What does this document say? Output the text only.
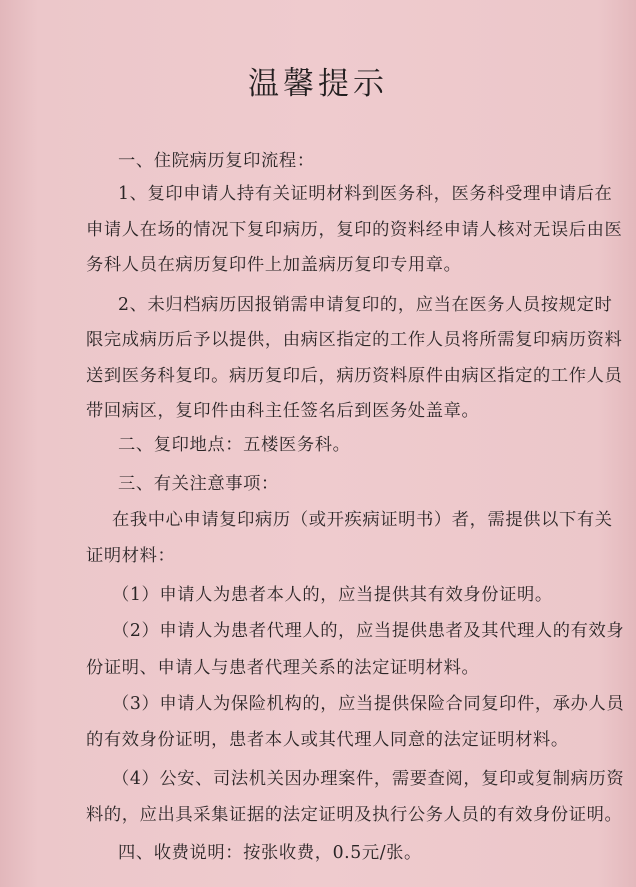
温馨提示
一、住院病历复印流程：
1、复印申请人持有关证明材料到医务科，医务科受理申请后在
申请人在场的情况下复印病历，复印的资料经申请人核对无误后由医
务科人员在病历复印件上加盖病历复印专用章。
2、未归档病历因报销需申请复印的，应当在医务人员按规定时
限完成病历后予以提供，由病区指定的工作人员将所需复印病历资料
送到医务科复印。病历复印后，病历资料原件由病区指定的工作人员
带回病区，复印件由科主任签名后到医务处盖章。
二、复印地点：五楼医务科。
三、有关注意事项：
在我中心申请复印病历（或开疾病证明书）者，需提供以下有关
证明材料：
（1）申请人为患者本人的，应当提供其有效身份证明。
（2）申请人为患者代理人的，应当提供患者及其代理人的有效身
份证明、申请人与患者代理关系的法定证明材料。
（3）申请人为保险机构的，应当提供保险合同复印件，承办人员
的有效身份证明，患者本人或其代理人同意的法定证明材料。
（4）公安、司法机关因办理案件，需要查阅，复印或复制病历资
料的，应出具采集证据的法定证明及执行公务人员的有效身份证明。
四、收费说明：按张收费，0.5元/张。
